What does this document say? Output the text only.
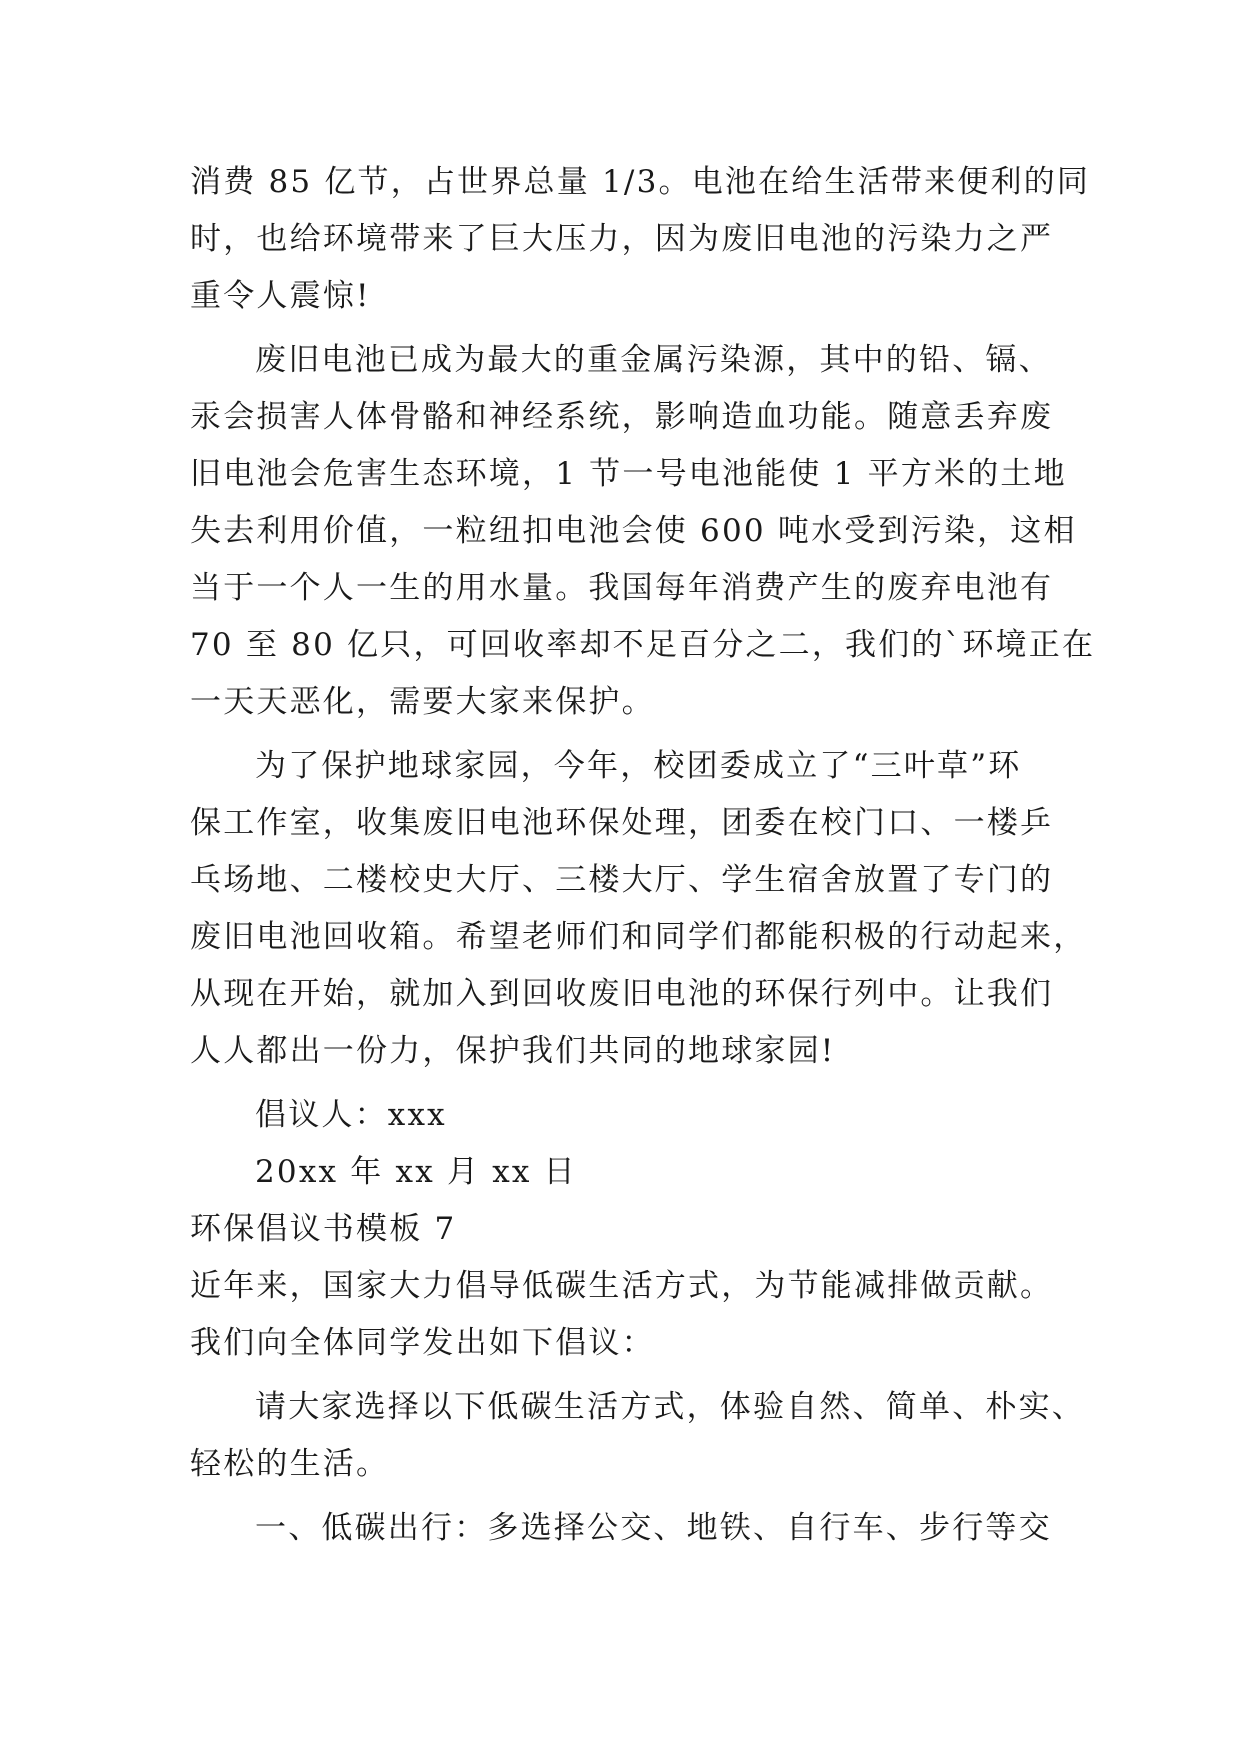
消费 85 亿节，占世界总量 1/3。电池在给生活带来便利的同
时，也给环境带来了巨大压力，因为废旧电池的污染力之严
重令人震惊!
废旧电池已成为最大的重金属污染源，其中的铅、镉、
汞会损害人体骨骼和神经系统，影响造血功能。随意丢弃废
旧电池会危害生态环境，1 节一号电池能使 1 平方米的土地
失去利用价值，一粒纽扣电池会使 600 吨水受到污染，这相
当于一个人一生的用水量。我国每年消费产生的废弃电池有
70 至 80 亿只，可回收率却不足百分之二，我们的`环境正在
一天天恶化，需要大家来保护。
为了保护地球家园，今年，校团委成立了“三叶草”环
保工作室，收集废旧电池环保处理，团委在校门口、一楼乒
乓场地、二楼校史大厅、三楼大厅、学生宿舍放置了专门的
废旧电池回收箱。希望老师们和同学们都能积极的行动起来，
从现在开始，就加入到回收废旧电池的环保行列中。让我们
人人都出一份力，保护我们共同的地球家园!
倡议人：xxx
20xx 年 xx 月 xx 日
环保倡议书模板 7
近年来，国家大力倡导低碳生活方式，为节能减排做贡献。
我们向全体同学发出如下倡议：
请大家选择以下低碳生活方式，体验自然、简单、朴实、
轻松的生活。
一、低碳出行：多选择公交、地铁、自行车、步行等交
